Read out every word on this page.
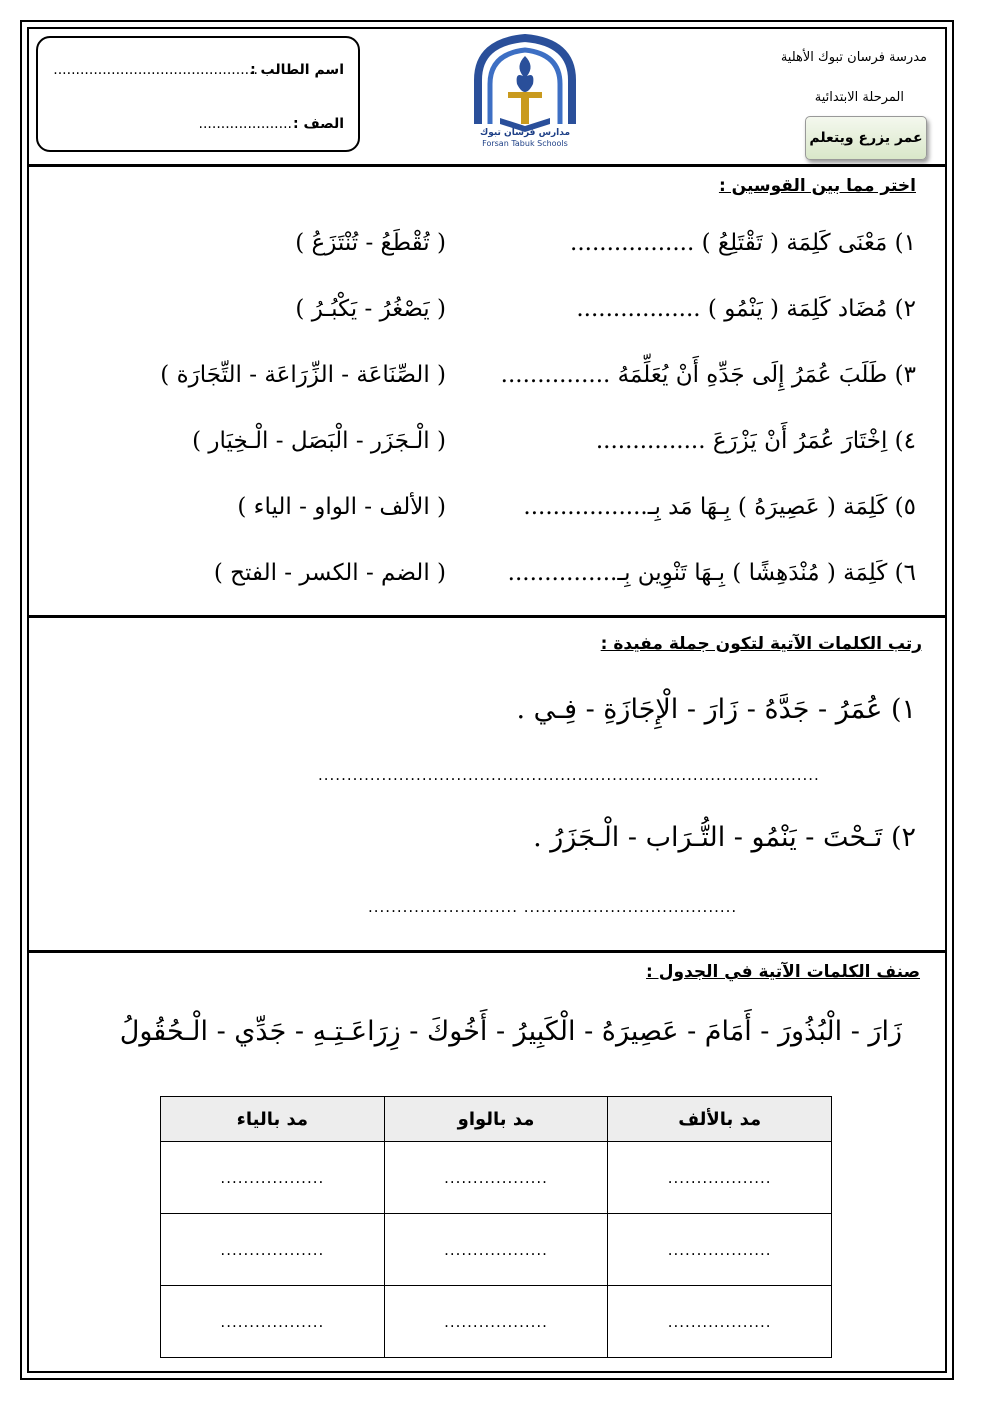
اسم الطالب :
..............................................
الصف :
.....................
مدارس فرسان تبوك
Forsan Tabuk Schools
مدرسة فرسان تبوك الأهلية
المرحلة الابتدائية
عمر يزرع ويتعلم
اختر مما بين القوسين :
١) مَعْنَى كَلِمَة ( تَقْتَلِعُ ) .................
( تُقْطَعُ - تُنْتَزَعُ )
٢) مُضَاد كَلِمَة ( يَنْمُو ) .................
( يَصْغُرُ - يَكْبُـرُ )
٣) طَلَبَ عُمَرُ إِلَى جَدِّهِ أَنْ يُعَلِّمَهُ ...............
( الصِّنَاعَة - الزِّرَاعَة - التِّجَارَة )
٤) اِخْتَارَ عُمَرُ أَنْ يَزْرَعَ ...............
( الْـجَزَر - الْبَصَل - الْـخِيَار )
٥) كَلِمَة ( عَصِيرَهُ ) بِـهَا مَد بِـ.................
( الألف - الواو - الياء )
٦) كَلِمَة ( مُنْدَهِشًا ) بِـهَا تَنْوِين بِـ...............
( الضم - الكسر - الفتح )
رتب الكلمات الآتية لتكون جملة مفيدة :
١) عُمَرُ - جَدَّهُ - زَارَ - الْإِجَازَةِ - فِـي .
.......................................................................................
٢) تَـحْتَ - يَنْمُو - التُّـرَاب - الْـجَزَرُ .
.......................... .....................................
صنف الكلمات الآتية في الجدول :
زَارَ - الْبُذُورَ - أَمَامَ - عَصِيرَهُ - الْكَبِيرُ - أَخُوكَ - زِرَاعَـتِـهِ - جَدِّي - الْـحُقُولُ
مد بالألف	مد بالواو	مد بالياء
..................	..................	..................
..................	..................	..................
..................	..................	..................
